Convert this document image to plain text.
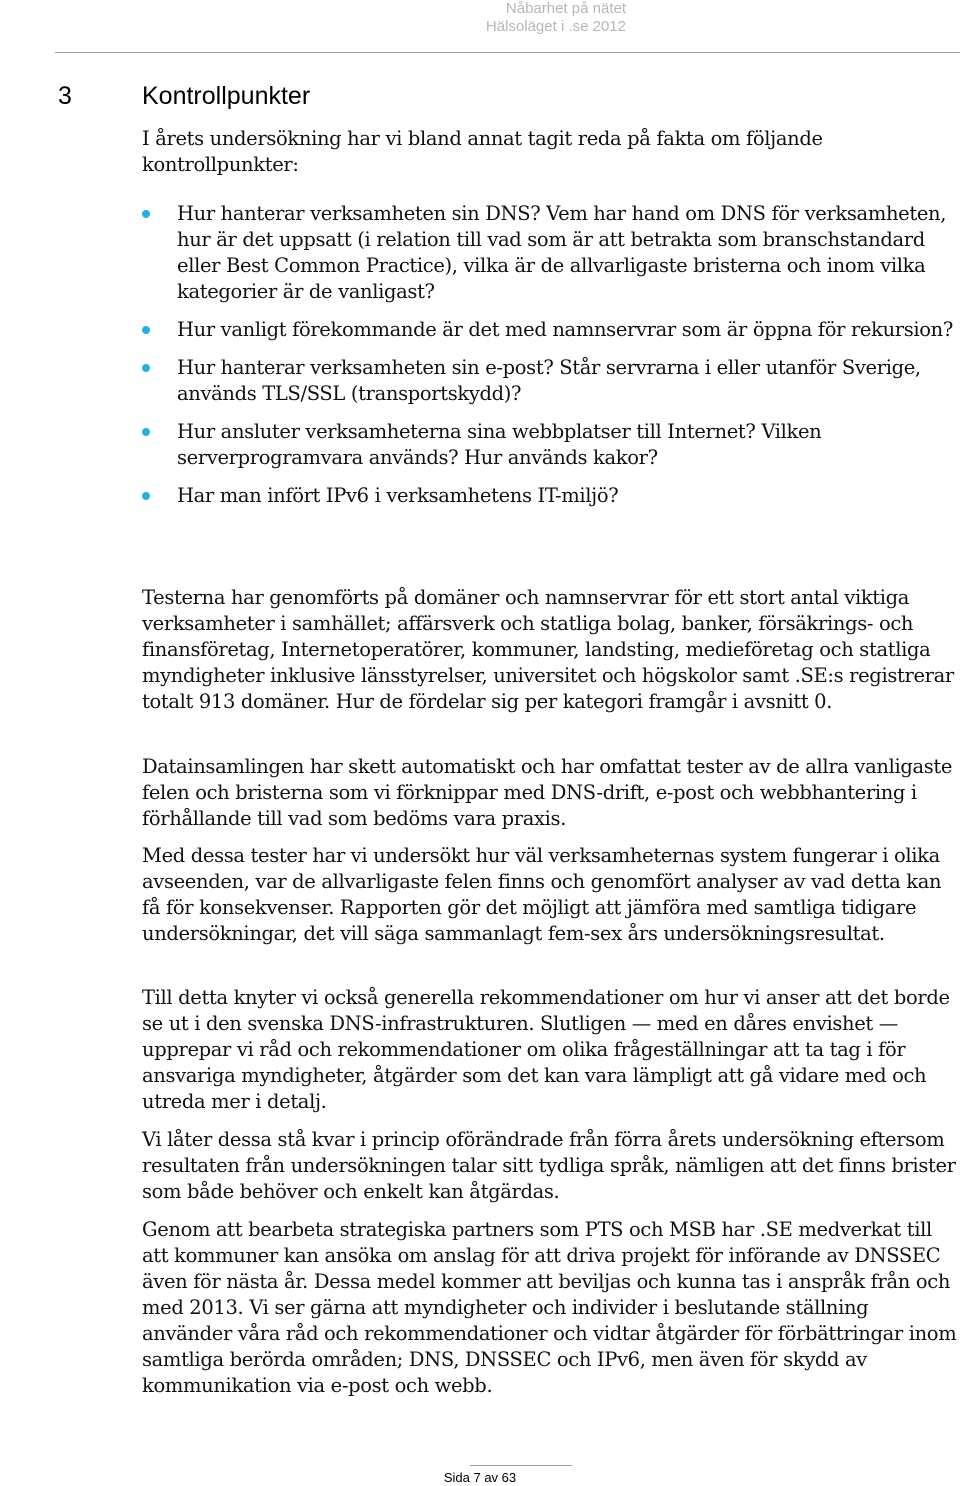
Nåbarhet på nätet
Hälsoläget i .se 2012
3	Kontrollpunkter

I årets undersökning har vi bland annat tagit reda på fakta om följande kontrollpunkter:

Hur hanterar verksamheten sin DNS? Vem har hand om DNS för verksamheten, hur är det uppsatt (i relation till vad som är att betrakta som branschstandard eller Best Common Practice), vilka är de allvarligaste bristerna och inom vilka kategorier är de vanligast?
Hur vanligt förekommande är det med namnservrar som är öppna för rekursion?
Hur hanterar verksamheten sin e-post? Står servrarna i eller utanför Sverige, används TLS/SSL (transportskydd)?
Hur ansluter verksamheterna sina webbplatser till Internet? Vilken serverprogramvara används? Hur används kakor?
Har man infört IPv6 i verksamhetens IT-miljö?

Testerna har genomförts på domäner och namnservrar för ett stort antal viktiga verksamheter i samhället; affärsverk och statliga bolag, banker, försäkrings- och finansföretag, Internetoperatörer, kommuner, landsting, medieföretag och statliga myndigheter inklusive länsstyrelser, universitet och högskolor samt .SE:s registrerar totalt 913 domäner. Hur de fördelar sig per kategori framgår i avsnitt 0.

Datainsamlingen har skett automatiskt och har omfattat tester av de allra vanligaste felen och bristerna som vi förknippar med DNS-drift, e-post och webbhantering i förhållande till vad som bedöms vara praxis.

Med dessa tester har vi undersökt hur väl verksamheternas system fungerar i olika avseenden, var de allvarligaste felen finns och genomfört analyser av vad detta kan få för konsekvenser. Rapporten gör det möjligt att jämföra med samtliga tidigare undersökningar, det vill säga sammanlagt fem-sex års undersökningsresultat.

Till detta knyter vi också generella rekommendationer om hur vi anser att det borde se ut i den svenska DNS-infrastrukturen. Slutligen — med en dåres envishet — upprepar vi råd och rekommendationer om olika frågeställningar att ta tag i för ansvariga myndigheter, åtgärder som det kan vara lämpligt att gå vidare med och utreda mer i detalj.

Vi låter dessa stå kvar i princip oförändrade från förra årets undersökning eftersom resultaten från undersökningen talar sitt tydliga språk, nämligen att det finns brister som både behöver och enkelt kan åtgärdas.

Genom att bearbeta strategiska partners som PTS och MSB har .SE medverkat till att kommuner kan ansöka om anslag för att driva projekt för införande av DNSSEC även för nästa år. Dessa medel kommer att beviljas och kunna tas i anspråk från och med 2013. Vi ser gärna att myndigheter och individer i beslutande ställning använder våra råd och rekommendationer och vidtar åtgärder för förbättringar inom samtliga berörda områden; DNS, DNSSEC och IPv6, men även för skydd av kommunikation via e-post och webb.

Sida 7 av 63
